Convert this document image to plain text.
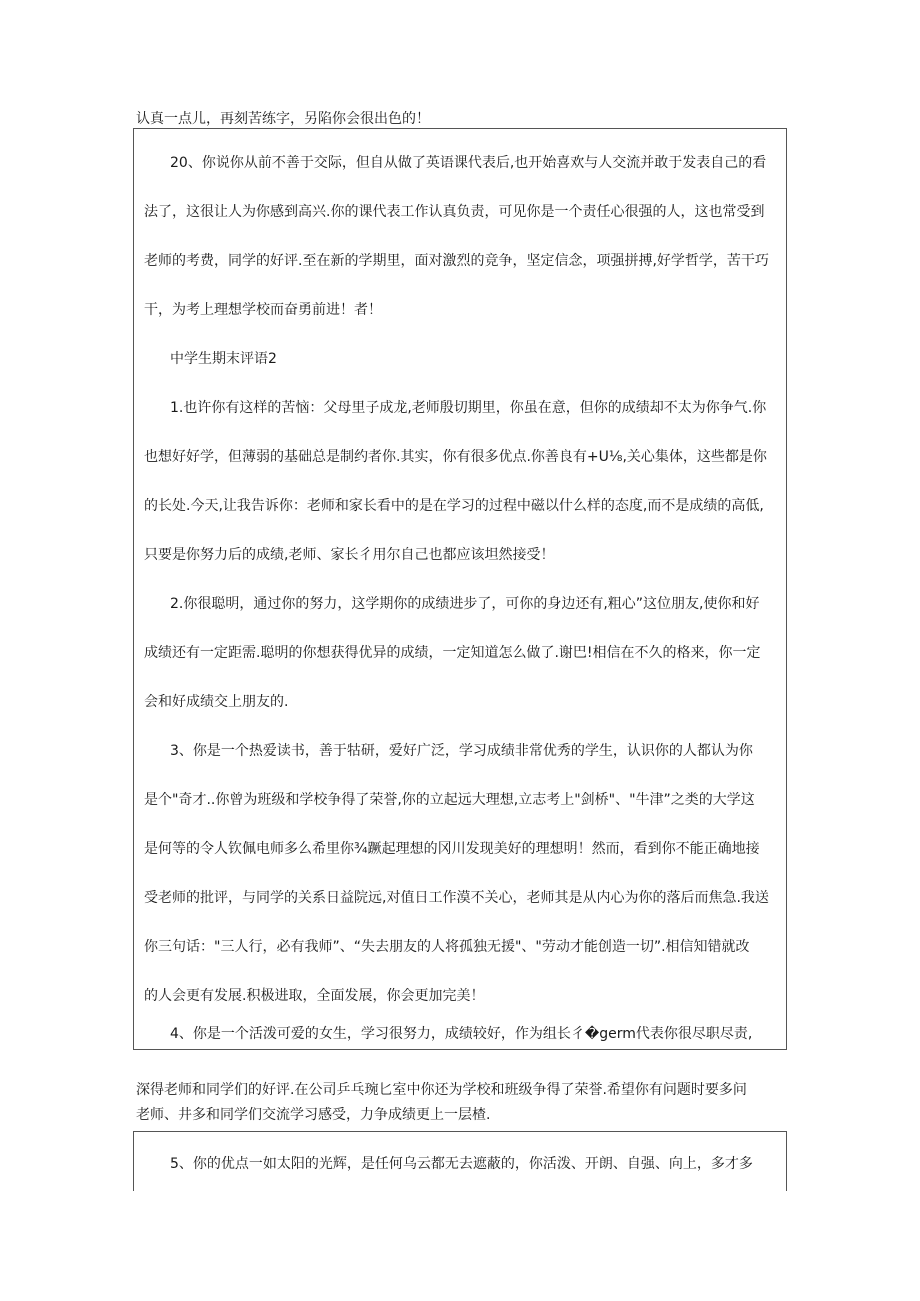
认真一点儿，再刻苦练字，另陷你会很出色的！

20、你说你从前不善于交际，但自从做了英语课代表后,也开始喜欢与人交流并敢于发表自己的看

法了，这很让人为你感到高兴.你的课代表工作认真负责，可见你是一个责任心很强的人，这也常受到

老师的考费，同学的好评.至在新的学期里，面对激烈的竞争，坚定信念，项强拼搏,好学哲学，苦干巧

干，为考上理想学校而奋勇前进！者！

中学生期末评语2

1.也许你有这样的苦恼：父母里子成龙,老师殷切期里，你虽在意，但你的成绩却不太为你争气.你

也想好好学，但薄弱的基础总是制约者你.其实，你有很多优点.你善良有+U⅛,关心集体，这些都是你

的长处.今天,让我告诉你：老师和家长看中的是在学习的过程中磁以什么样的态度,而不是成绩的高低,

只要是你努力后的成绩,老师、家长彳用尔自己也都应该坦然接受！

2.你很聪明，通过你的努力，这学期你的成绩进步了，可你的身边还有,粗心”这位朋友,使你和好

成绩还有一定距需.聪明的你想获得优异的成绩，一定知道怎么做了.谢巴!相信在不久的格来，你一定

会和好成绩交上朋友的.

3、你是一个热爱读书，善于牯研，爱好广泛，学习成绩非常优秀的学生，认识你的人都认为你

是个"奇才..你曾为班级和学校争得了荣誉,你的立起远大理想,立志考上"剑桥"、"牛津”之类的大学这

是何等的令人钦佩电师多么希里你¾蹶起理想的冈川发现美好的理想明！然而，看到你不能正确地接

受老师的批评，与同学的关系日益院远,对值日工作漠不关心，老师其是从内心为你的落后而焦急.我送

你三句话："三人行，必有我师”、“失去朋友的人将孤独无援"、"劳动才能创造一切”.相信知错就改

的人会更有发展.积极进取，全面发展，你会更加完美！

4、你是一个活泼可爱的女生，学习很努力，成绩较好，作为组长彳�germ代表你很尽职尽责,

深得老师和同学们的好评.在公司乒乓琬匕室中你还为学校和班级争得了荣誉.希望你有问题时要多问

老师、井多和同学们交流学习感受，力争成绩更上一层楂.

5、你的优点一如太阳的光辉，是任何乌云都无去遮蔽的，你活泼、开朗、自强、向上，多才多
